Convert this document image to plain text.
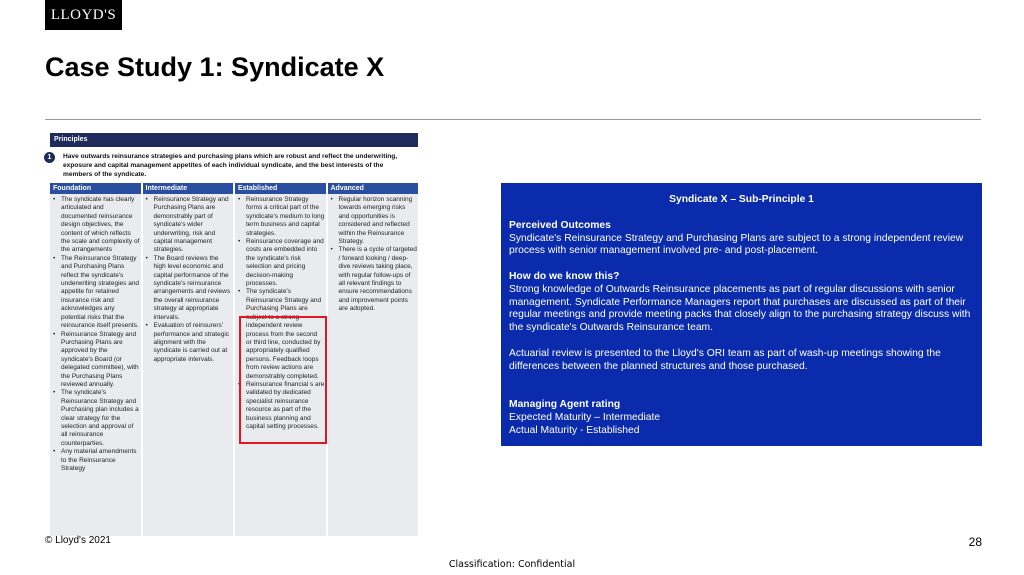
LLOYD'S
Case Study 1: Syndicate X
Principles
1	Have outwards reinsurance strategies and purchasing plans which are robust and reflect the underwriting, exposure and capital management appetites of each individual syndicate, and the best interests of the members of the syndicate.
Foundation
• The syndicate has clearly articulated and documented reinsurance design objectives, the content of which reflects the scale and complexity of the arrangements
• The Reinsurance Strategy and Purchasing Plans reflect the syndicate's underwriting strategies and appetite for retained insurance risk and acknowledges any potential risks that the reinsurance itself presents.
• Reinsurance Strategy and Purchasing Plans are approved by the syndicate's Board (or delegated committee), with the Purchasing Plans reviewed annually.
• The syndicate's Reinsurance Strategy and Purchasing plan includes a clear strategy for the selection and approval of all reinsurance counterparties.
• Any material amendments to the Reinsurance Strategy
Intermediate
• Reinsurance Strategy and Purchasing Plans are demonstrably part of syndicate's wider underwriting, risk and capital management strategies.
• The Board reviews the high level economic and capital performance of the syndicate's reinsurance arrangements and reviews the overall reinsurance strategy at appropriate intervals.
• Evaluation of reinsurers' performance and strategic alignment with the syndicate is carried out at appropriate intervals.
Established
• Reinsurance Strategy forms a critical part of the syndicate's medium to long term business and capital strategies.
• Reinsurance coverage and costs are embedded into the syndicate's risk selection and pricing decision-making processes.
• The syndicate's Reinsurance Strategy and Purchasing Plans are subject to a strong independent review process from the second or third line, conducted by appropriately qualified persons. Feedback loops from review actions are demonstrably completed.
• Reinsurance financial s are validated by dedicated specialist reinsurance resource as part of the business planning and capital setting processes.
Advanced
• Regular horizon scanning towards emerging risks and opportunities is considered and reflected within the Reinsurance Strategy.
• There is a cycle of targeted / forward looking / deep-dive reviews taking place, with regular follow-ups of all relevant findings to ensure recommendations and improvement points are adopted.
Syndicate X – Sub-Principle 1
Perceived Outcomes
Syndicate's Reinsurance Strategy and Purchasing Plans are subject to a strong independent review process with senior management involved pre- and post-placement.
How do we know this?
Strong knowledge of Outwards Reinsurance placements as part of regular discussions with senior management. Syndicate Performance Managers report that purchases are discussed as part of their regular meetings and provide meeting packs that closely align to the purchasing strategy discuss with the syndicate's Outwards Reinsurance team.
Actuarial review is presented to the Lloyd's ORI team as part of wash-up meetings showing the differences between the planned structures and those purchased.
Managing Agent rating
Expected Maturity – Intermediate
Actual Maturity - Established
© Lloyd's 2021	28
Classification: Confidential
